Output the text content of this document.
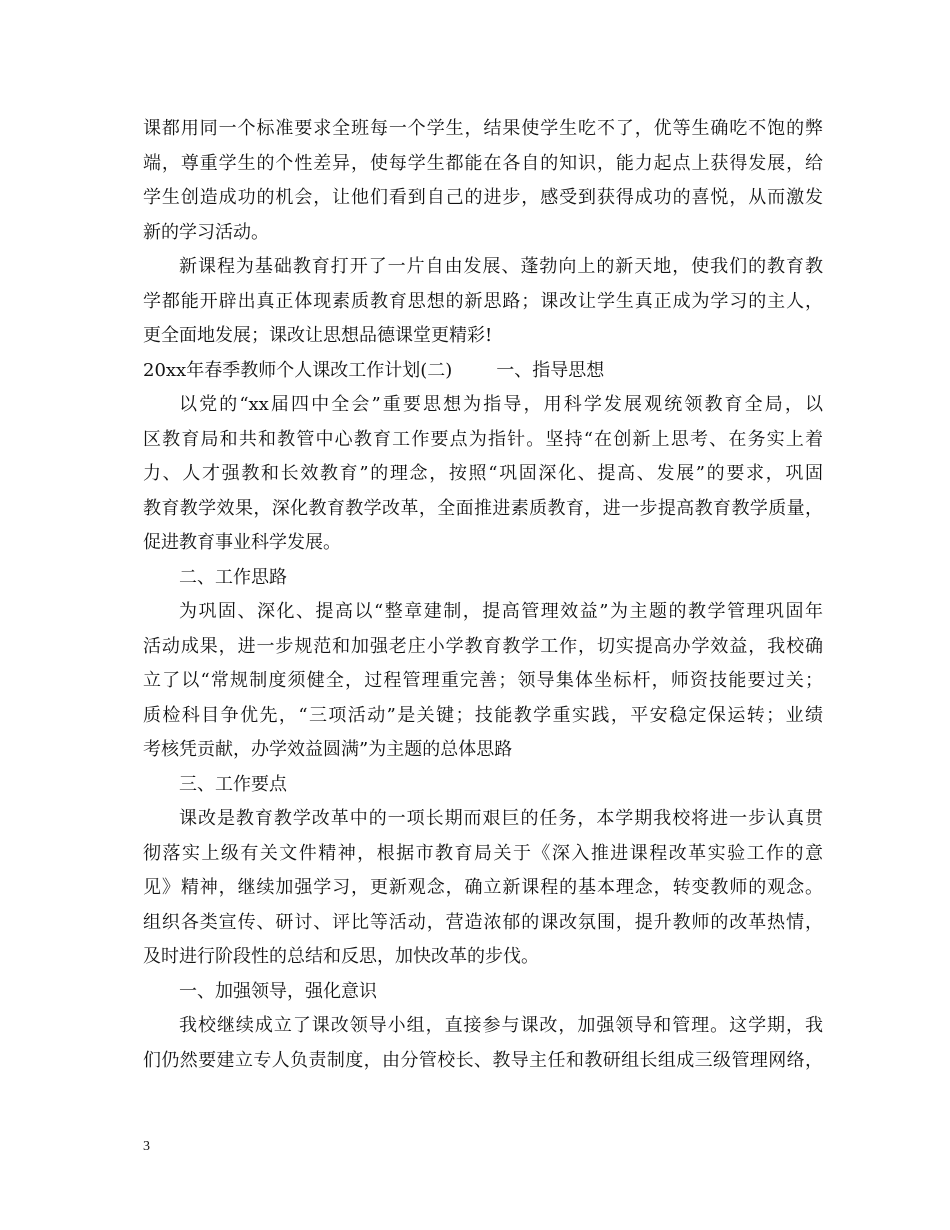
课都用同一个标准要求全班每一个学生，结果使学生吃不了，优等生确吃不饱的弊
端，尊重学生的个性差异，使每学生都能在各自的知识，能力起点上获得发展，给
学生创造成功的机会，让他们看到自己的进步，感受到获得成功的喜悦，从而激发
新的学习活动。
新课程为基础教育打开了一片自由发展、蓬勃向上的新天地，使我们的教育教
学都能开辟出真正体现素质教育思想的新思路；课改让学生真正成为学习的主人，
更全面地发展；课改让思想品德课堂更精彩!
20xx年春季教师个人课改工作计划(二) 一、指导思想
以党的“xx届四中全会”重要思想为指导，用科学发展观统领教育全局，以
区教育局和共和教管中心教育工作要点为指针。坚持“在创新上思考、在务实上着
力、人才强教和长效教育”的理念，按照“巩固深化、提高、发展”的要求，巩固
教育教学效果，深化教育教学改革，全面推进素质教育，进一步提高教育教学质量，
促进教育事业科学发展。
二、工作思路
为巩固、深化、提高以“整章建制，提高管理效益”为主题的教学管理巩固年
活动成果，进一步规范和加强老庄小学教育教学工作，切实提高办学效益，我校确
立了以“常规制度须健全，过程管理重完善；领导集体坐标杆，师资技能要过关；
质检科目争优先，“三项活动”是关键；技能教学重实践，平安稳定保运转；业绩
考核凭贡献，办学效益圆满”为主题的总体思路
三、工作要点
课改是教育教学改革中的一项长期而艰巨的任务，本学期我校将进一步认真贯
彻落实上级有关文件精神，根据市教育局关于《深入推进课程改革实验工作的意
见》精神，继续加强学习，更新观念，确立新课程的基本理念，转变教师的观念。
组织各类宣传、研讨、评比等活动，营造浓郁的课改氛围，提升教师的改革热情，
及时进行阶段性的总结和反思，加快改革的步伐。
一、加强领导，强化意识
我校继续成立了课改领导小组，直接参与课改，加强领导和管理。这学期，我
们仍然要建立专人负责制度，由分管校长、教导主任和教研组长组成三级管理网络，
3
